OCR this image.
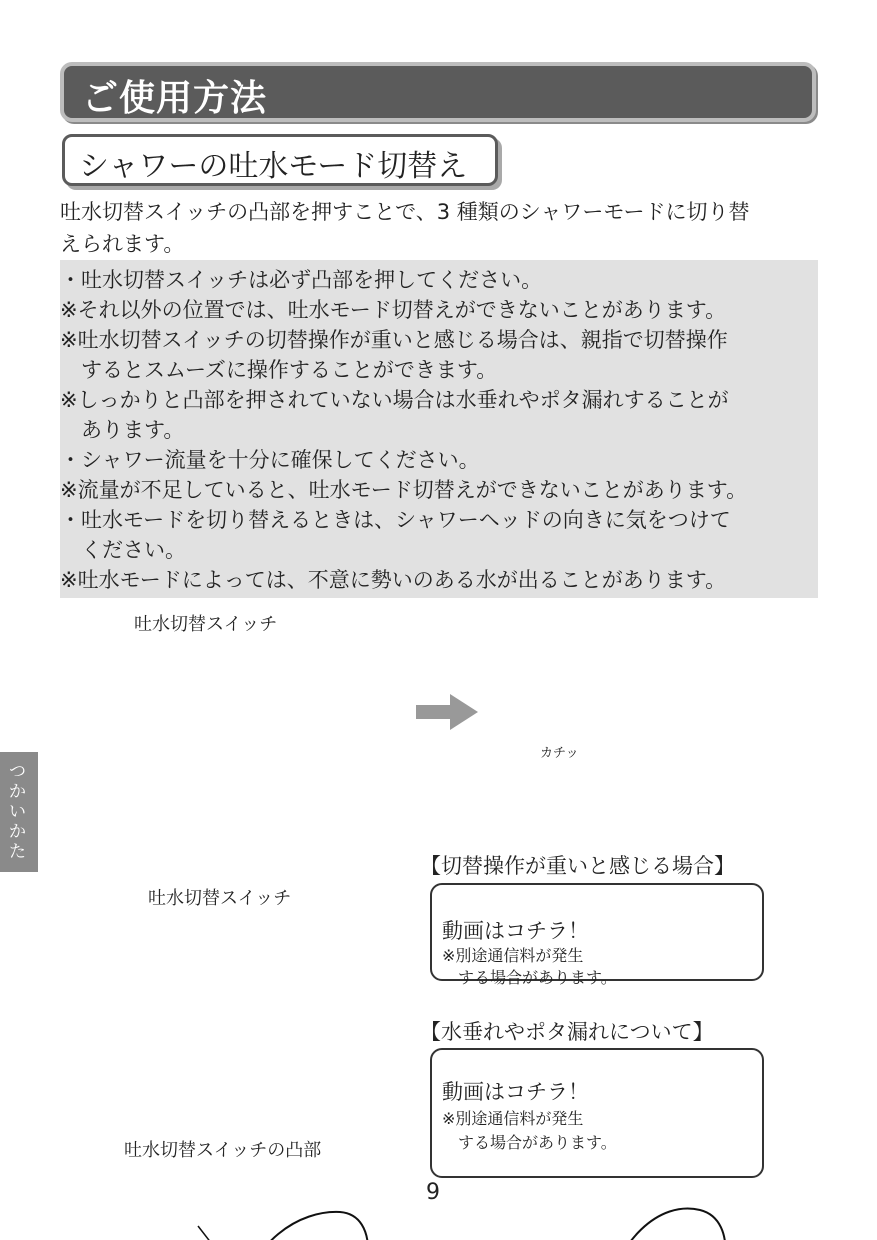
ご使用方法
シャワーの吐水モード切替え
吐水切替スイッチの凸部を押すことで、3 種類のシャワーモードに切り替
えられます。
・吐水切替スイッチは必ず凸部を押してください。
※それ以外の位置では、吐水モード切替えができないことがあります。
※吐水切替スイッチの切替操作が重いと感じる場合は、親指で切替操作
　するとスムーズに操作することができます。
※しっかりと凸部を押されていない場合は水垂れやポタ漏れすることが
　あります。
・シャワー流量を十分に確保してください。
※流量が不足していると、吐水モード切替えができないことがあります。
・吐水モードを切り替えるときは、シャワーヘッドの向きに気をつけて
　ください。
※吐水モードによっては、不意に勢いのある水が出ることがあります。
つかいかた
吐水切替スイッチ
カチッ
吐水切替スイッチ
吐水切替スイッチの凸部
【切替操作が重いと感じる場合】
動画はコチラ！
※別途通信料が発生
　する場合があります。
【水垂れやポタ漏れについて】
動画はコチラ！
※別途通信料が発生
　する場合があります。
9
